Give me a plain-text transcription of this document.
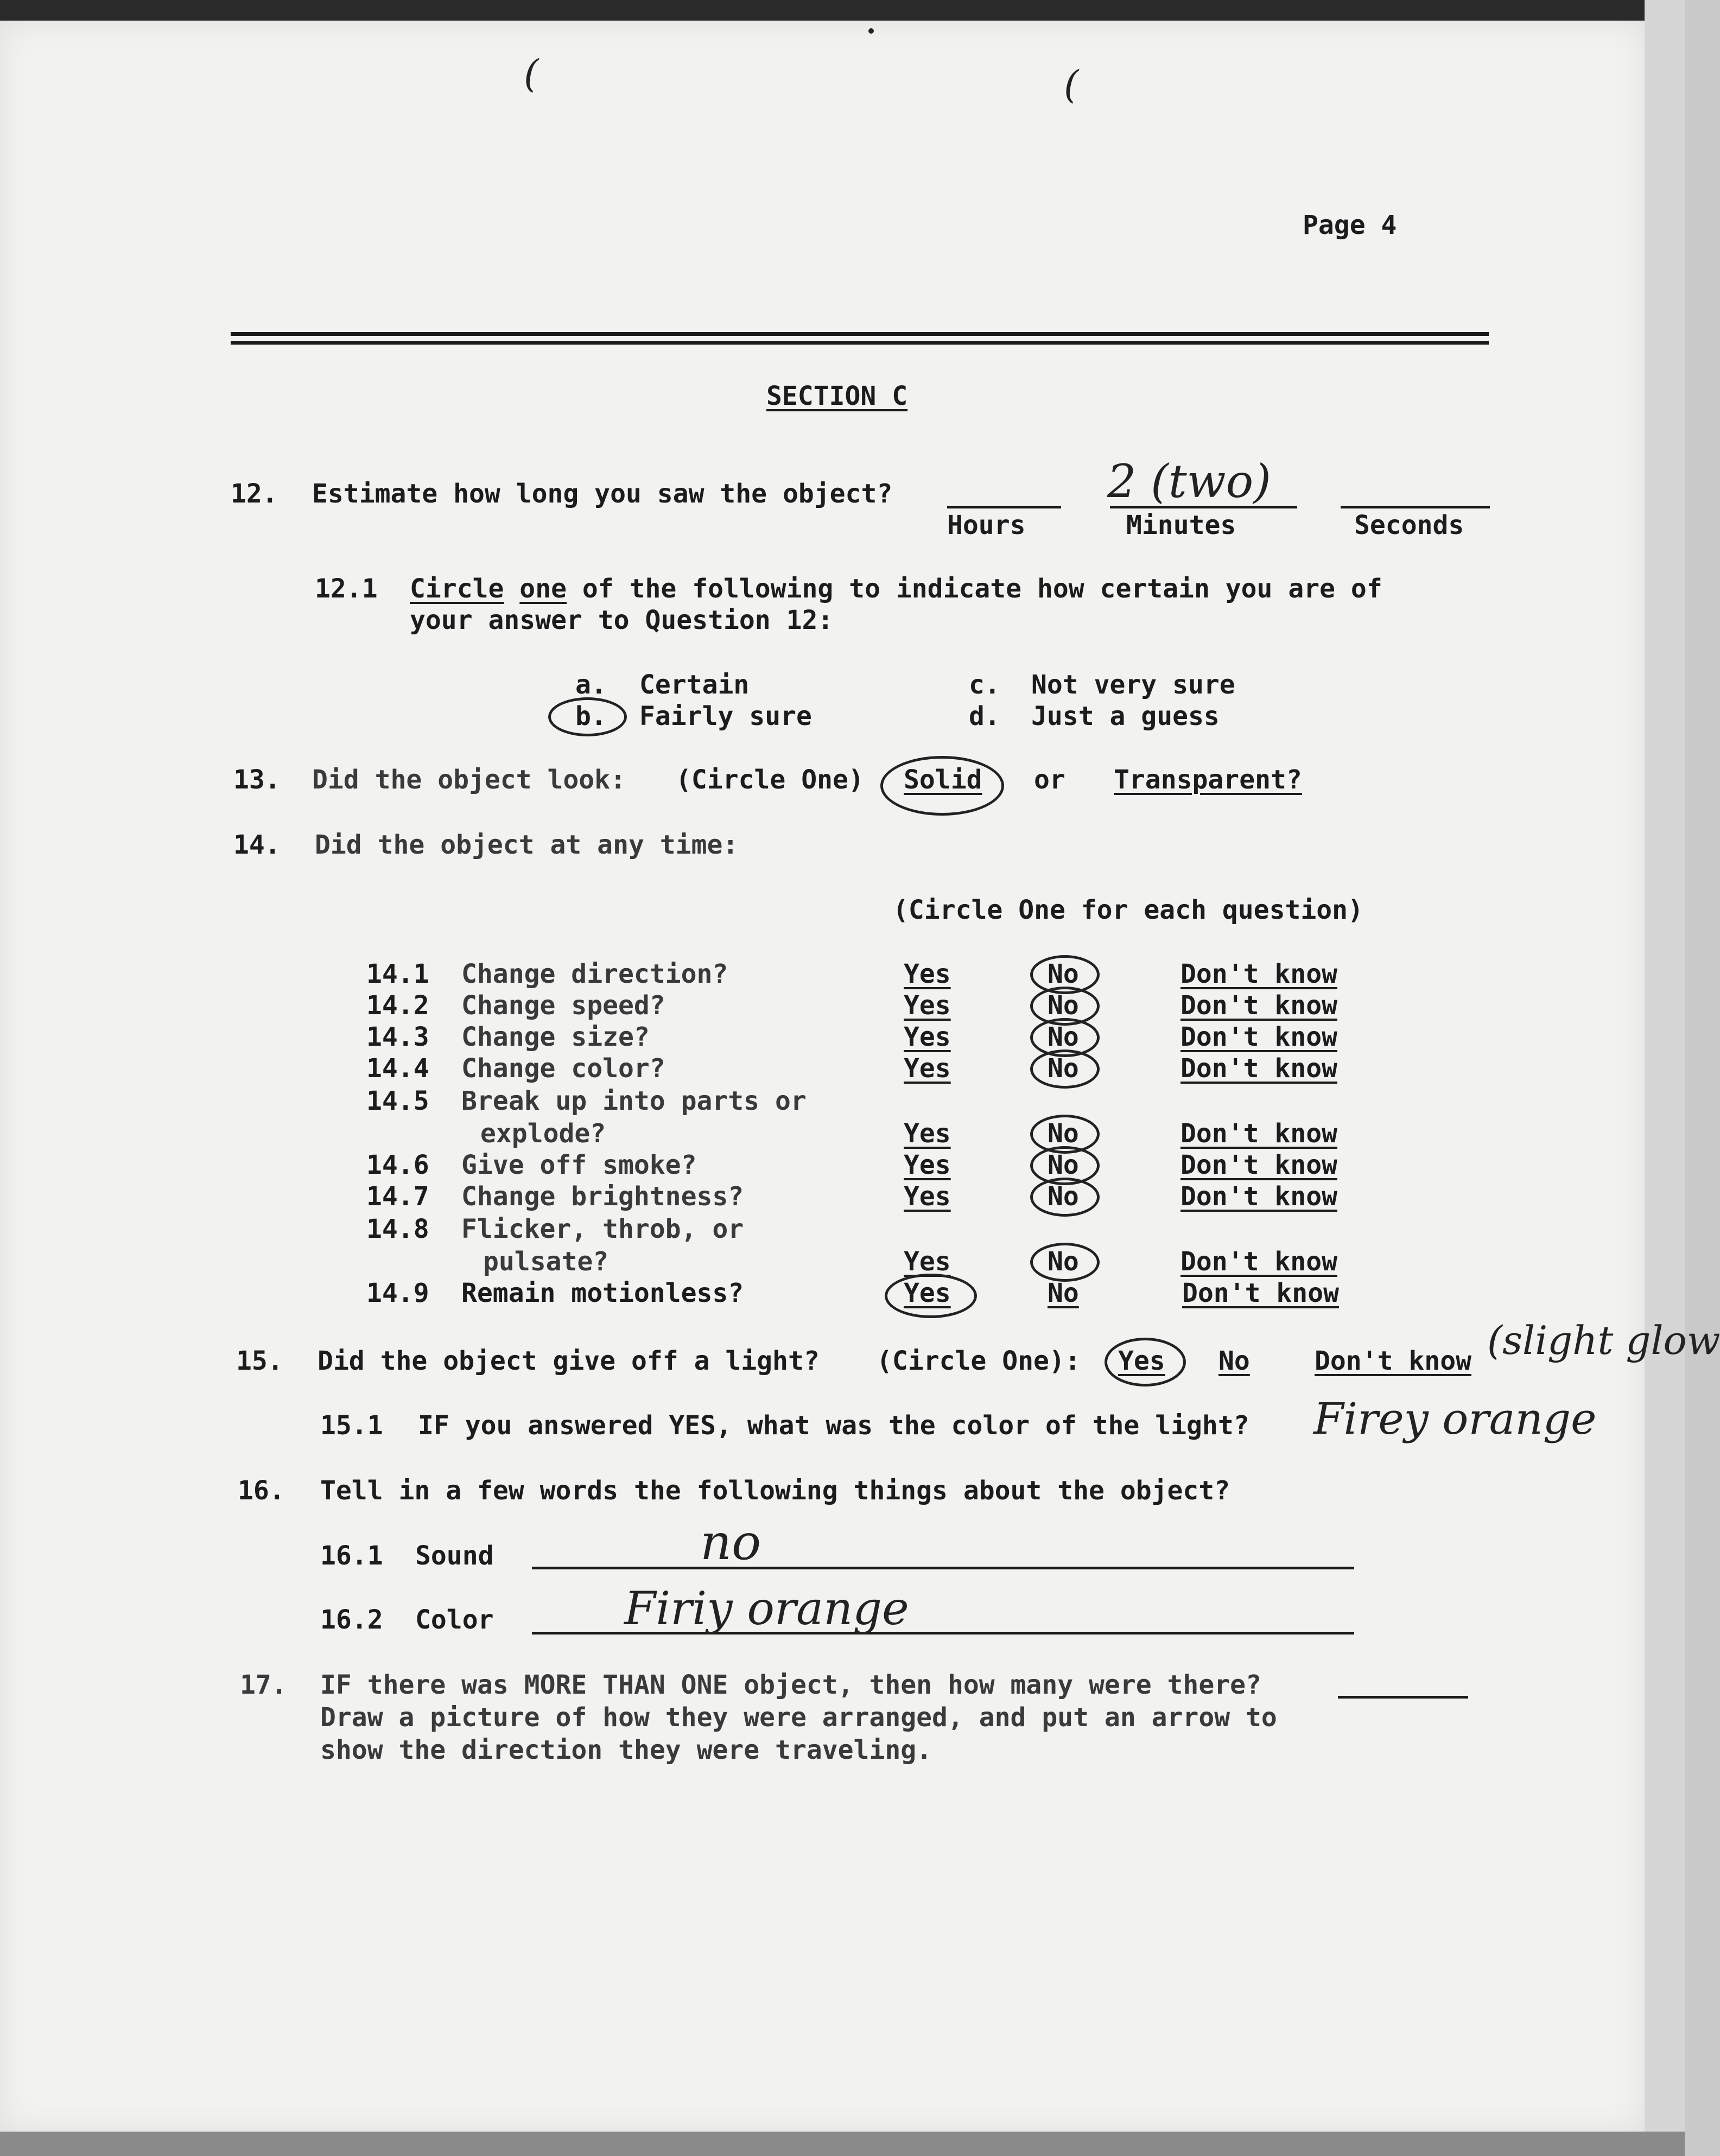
(	(
Page 4
SECTION C
12. Estimate how long you saw the object?
Hours	Minutes	Seconds
2 (two)
12.1 Circle one of the following to indicate how certain you are of
your answer to Question 12:
a. Certain
b. Fairly sure
c. Not very sure
d. Just a guess
13. Did the object look: (Circle One) Solid or Transparent?
14. Did the object at any time:
(Circle One for each question)
14.1 Change direction?	Yes	No	Don't know
14.2 Change speed?	Yes	No	Don't know
14.3 Change size?	Yes	No	Don't know
14.4 Change color?	Yes	No	Don't know
14.5 Break up into parts or
explode?	Yes	No	Don't know
14.6 Give off smoke?	Yes	No	Don't know
14.7 Change brightness?	Yes	No	Don't know
14.8 Flicker, throb, or
pulsate?	Yes	No	Don't know
14.9 Remain motionless?	Yes	No	Don't know
15. Did the object give off a light? (Circle One): Yes No Don't know (slight glow
15.1 IF you answered YES, what was the color of the light? Firey orange
16. Tell in a few words the following things about the object?
16.1 Sound	no
16.2 Color	Firiy orange
17. IF there was MORE THAN ONE object, then how many were there?
Draw a picture of how they were arranged, and put an arrow to
show the direction they were traveling.
